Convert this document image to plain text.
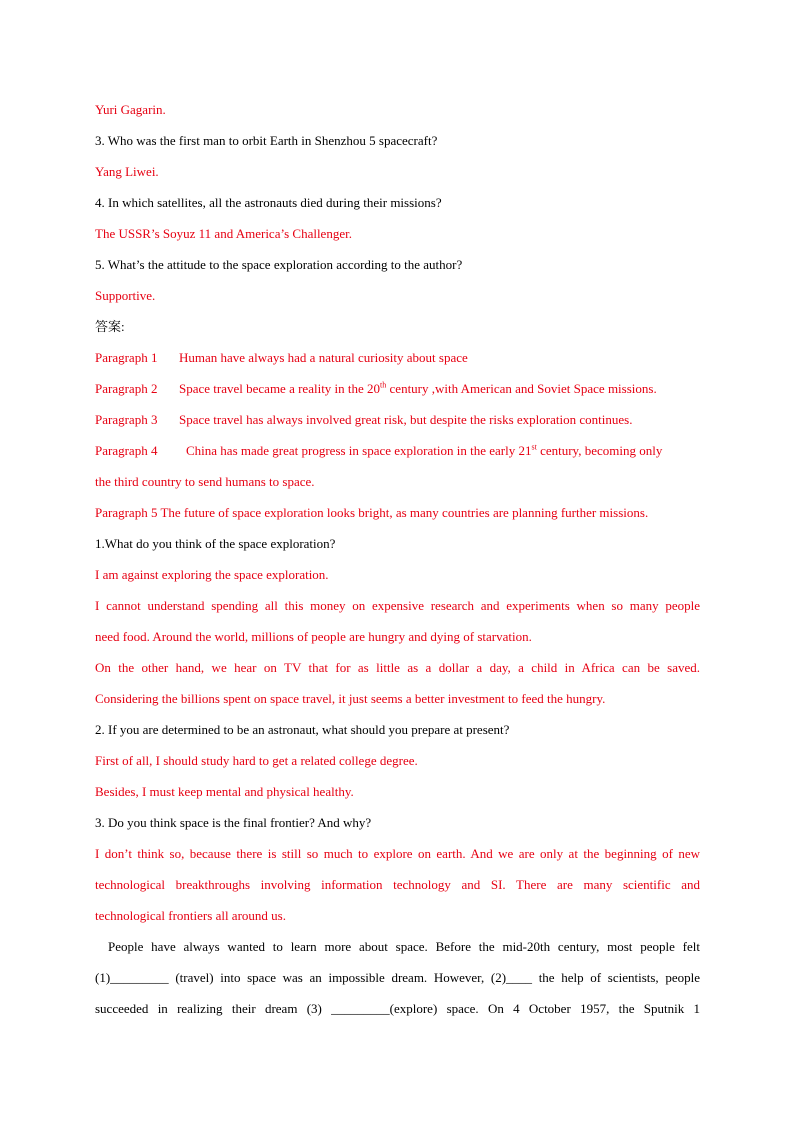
Yuri Gagarin.

3. Who was the first man to orbit Earth in Shenzhou 5 spacecraft?

Yang Liwei.

4. In which satellites, all the astronauts died during their missions?

The USSR’s Soyuz 11 and America’s Challenger.

5. What’s the attitude to the space exploration according to the author?

Supportive.

答案:

Paragraph 1 Human have always had a natural curiosity about space

Paragraph 2 Space travel became a reality in the 20th century ,with American and Soviet Space missions.

Paragraph 3 Space travel has always involved great risk, but despite the risks exploration continues.

Paragraph 4 China has made great progress in space exploration in the early 21st century, becoming only

the third country to send humans to space.

Paragraph 5 The future of space exploration looks bright, as many countries are planning further missions.

1.What do you think of the space exploration?

I am against exploring the space exploration.

I cannot understand spending all this money on expensive research and experiments when so many people

need food. Around the world, millions of people are hungry and dying of starvation.

On the other hand, we hear on TV that for as little as a dollar a day, a child in Africa can be saved.

Considering the billions spent on space travel, it just seems a better investment to feed the hungry.

2. If you are determined to be an astronaut, what should you prepare at present?

First of all, I should study hard to get a related college degree.

Besides, I must keep mental and physical healthy.

3. Do you think space is the final frontier? And why?

I don’t think so, because there is still so much to explore on earth. And we are only at the beginning of new

technological breakthroughs involving information technology and SI. There are many scientific and

technological frontiers all around us.

People have always wanted to learn more about space. Before the mid-20th century, most people felt

(1)_________ (travel) into space was an impossible dream. However, (2)____ the help of scientists, people

succeeded in realizing their dream (3) _________(explore) space. On 4 October 1957, the Sputnik 1
